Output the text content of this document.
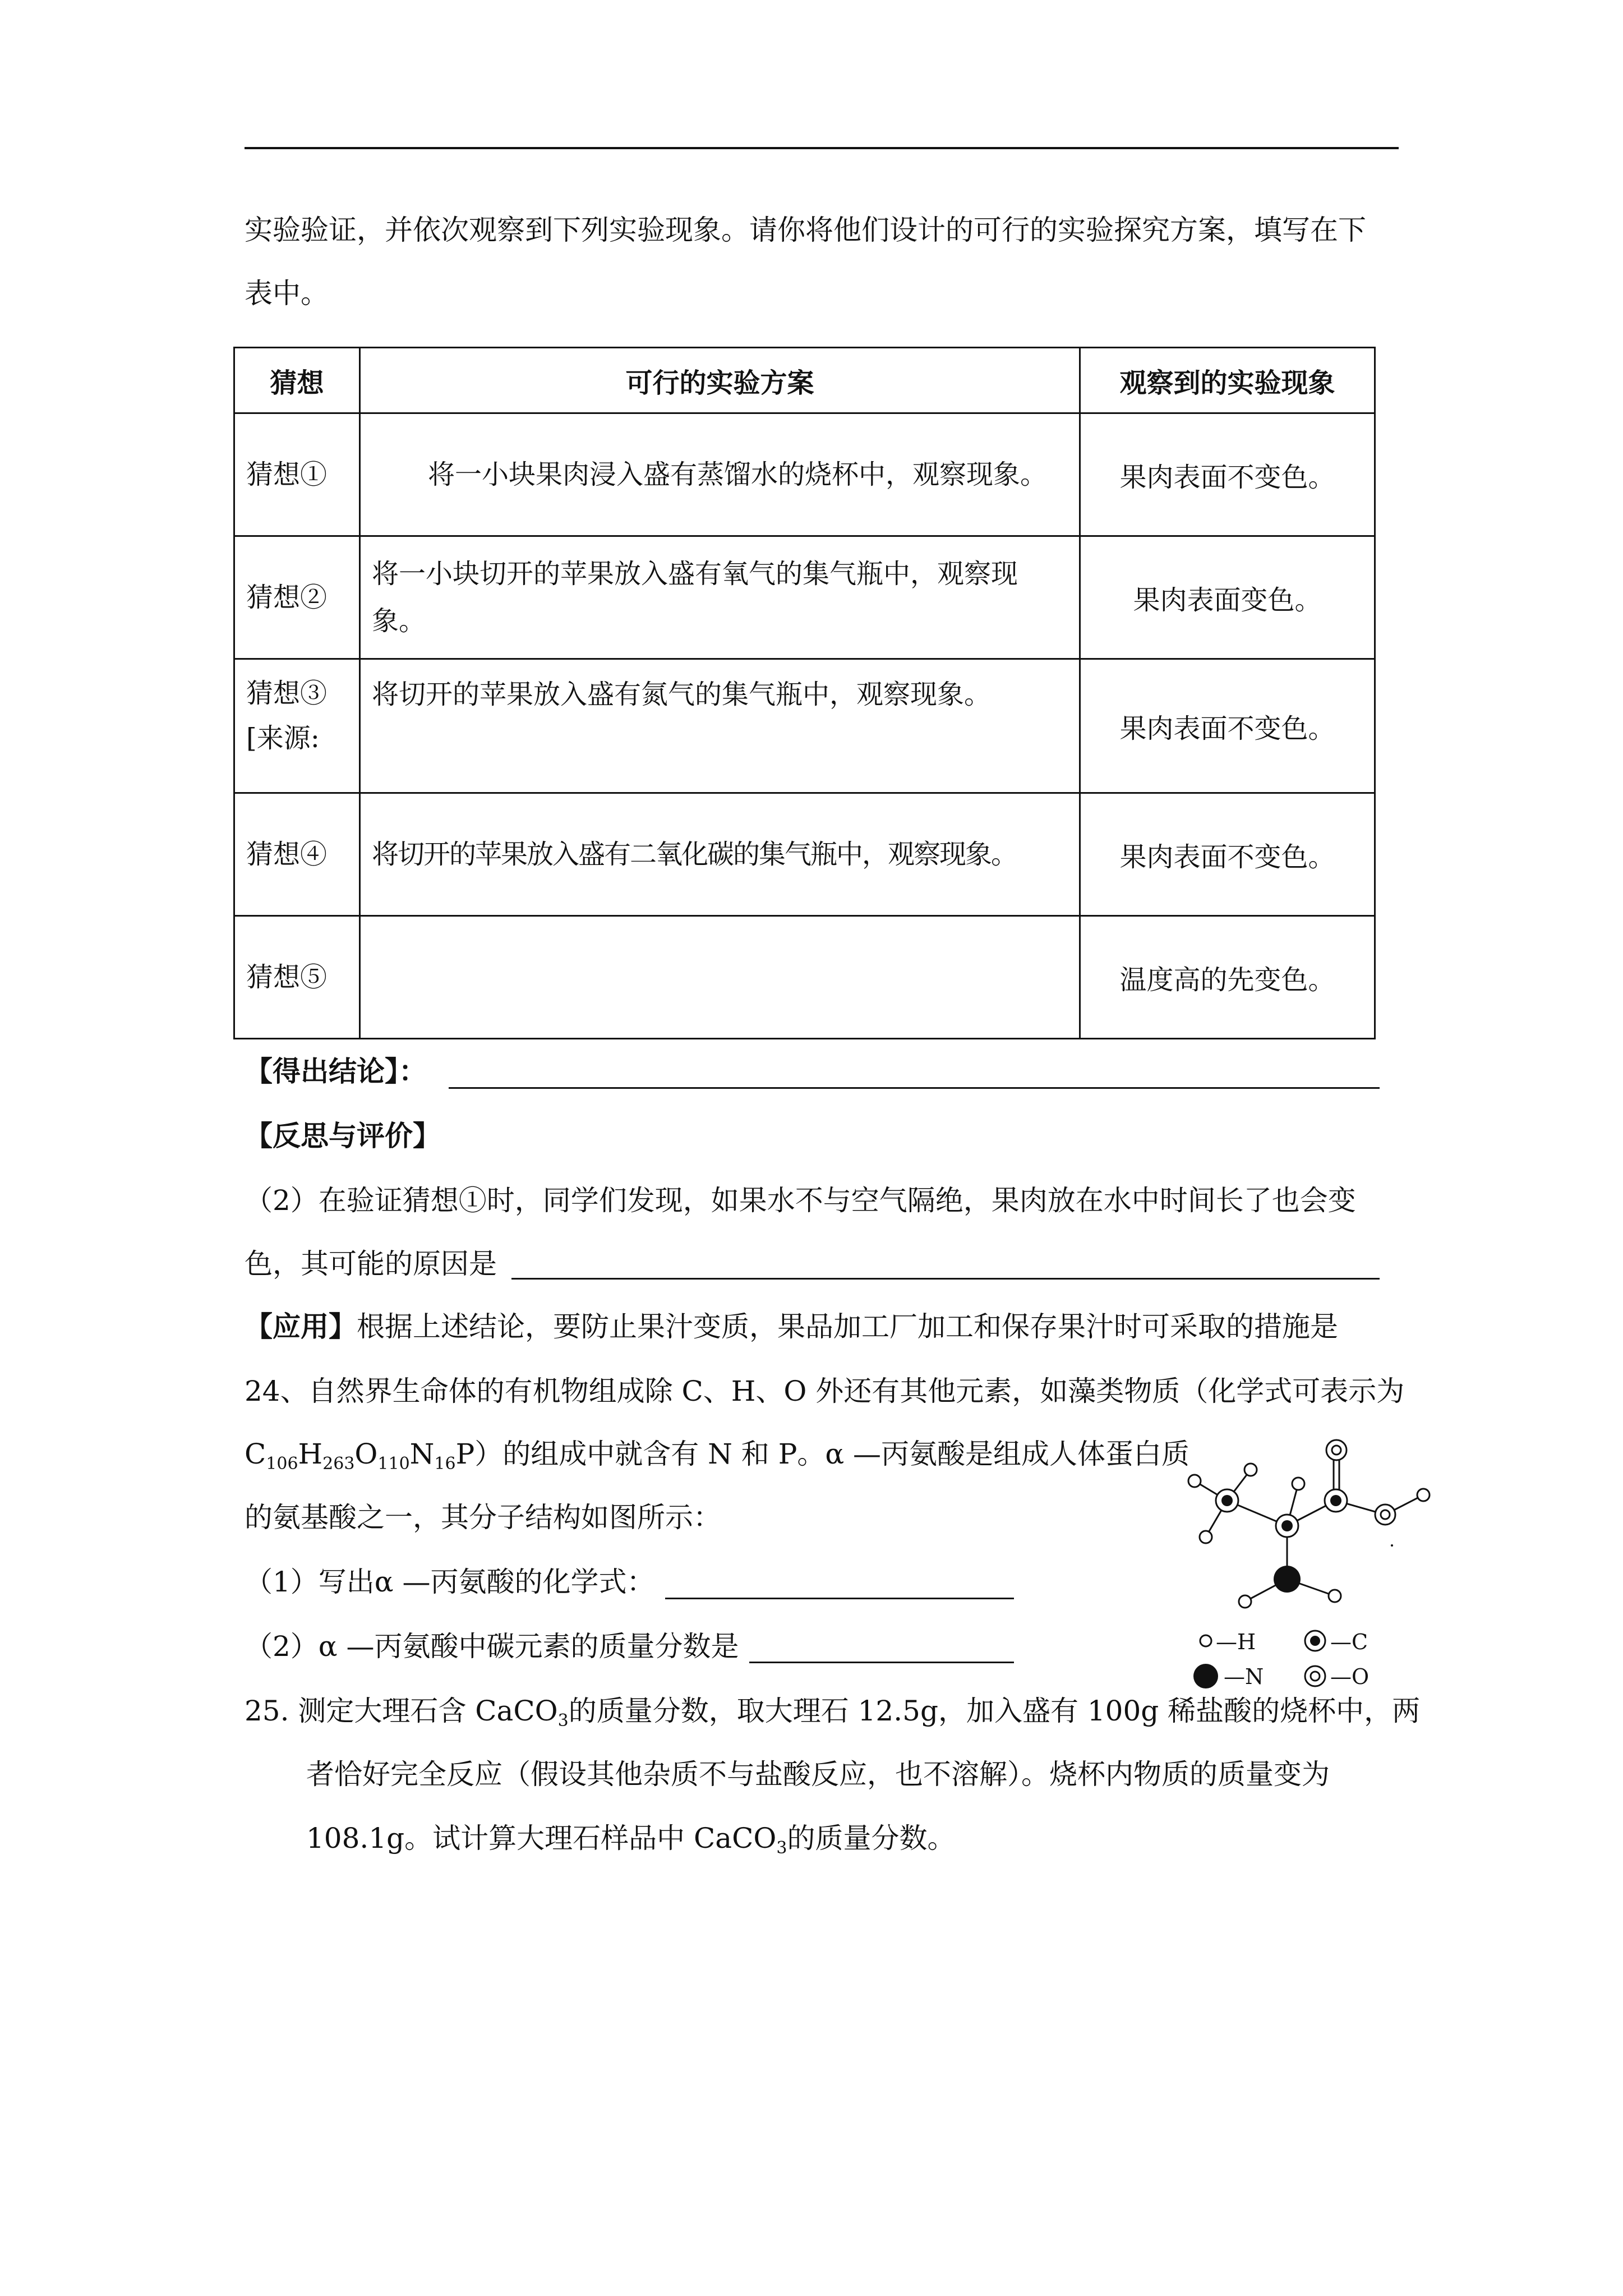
实验验证，并依次观察到下列实验现象。请你将他们设计的可行的实验探究方案，填写在下
表中。
猜想	可行的实验方案	观察到的实验现象
猜想①	将一小块果肉浸入盛有蒸馏水的烧杯中，观察现象。	果肉表面不变色。
猜想②	将一小块切开的苹果放入盛有氧气的集气瓶中，观察现象。	果肉表面变色。
猜想③ [来源:	将切开的苹果放入盛有氮气的集气瓶中，观察现象。	果肉表面不变色。
猜想④	将切开的苹果放入盛有二氧化碳的集气瓶中，观察现象。	果肉表面不变色。
猜想⑤		温度高的先变色。
【得出结论】：
【反思与评价】
（2）在验证猜想①时，同学们发现，如果水不与空气隔绝，果肉放在水中时间长了也会变
色，其可能的原因是
【应用】根据上述结论，要防止果汁变质，果品加工厂加工和保存果汁时可采取的措施是
24、自然界生命体的有机物组成除 C、H、O 外还有其他元素，如藻类物质（化学式可表示为
$C_{106}H_{263}O_{110}N_{16}P$）的组成中就含有 N 和 P。α —丙氨酸是组成人体蛋白质
的氨基酸之一，其分子结构如图所示：
（1）写出α —丙氨酸的化学式：
（2）α —丙氨酸中碳元素的质量分数是	—H	—C
—N	—O
25. 测定大理石含 CaCO$_3$的质量分数，取大理石 12.5g，加入盛有 100g 稀盐酸的烧杯中，两
者恰好完全反应（假设其他杂质不与盐酸反应，也不溶解）。烧杯内物质的质量变为
108.1g。试计算大理石样品中 CaCO$_3$的质量分数。
